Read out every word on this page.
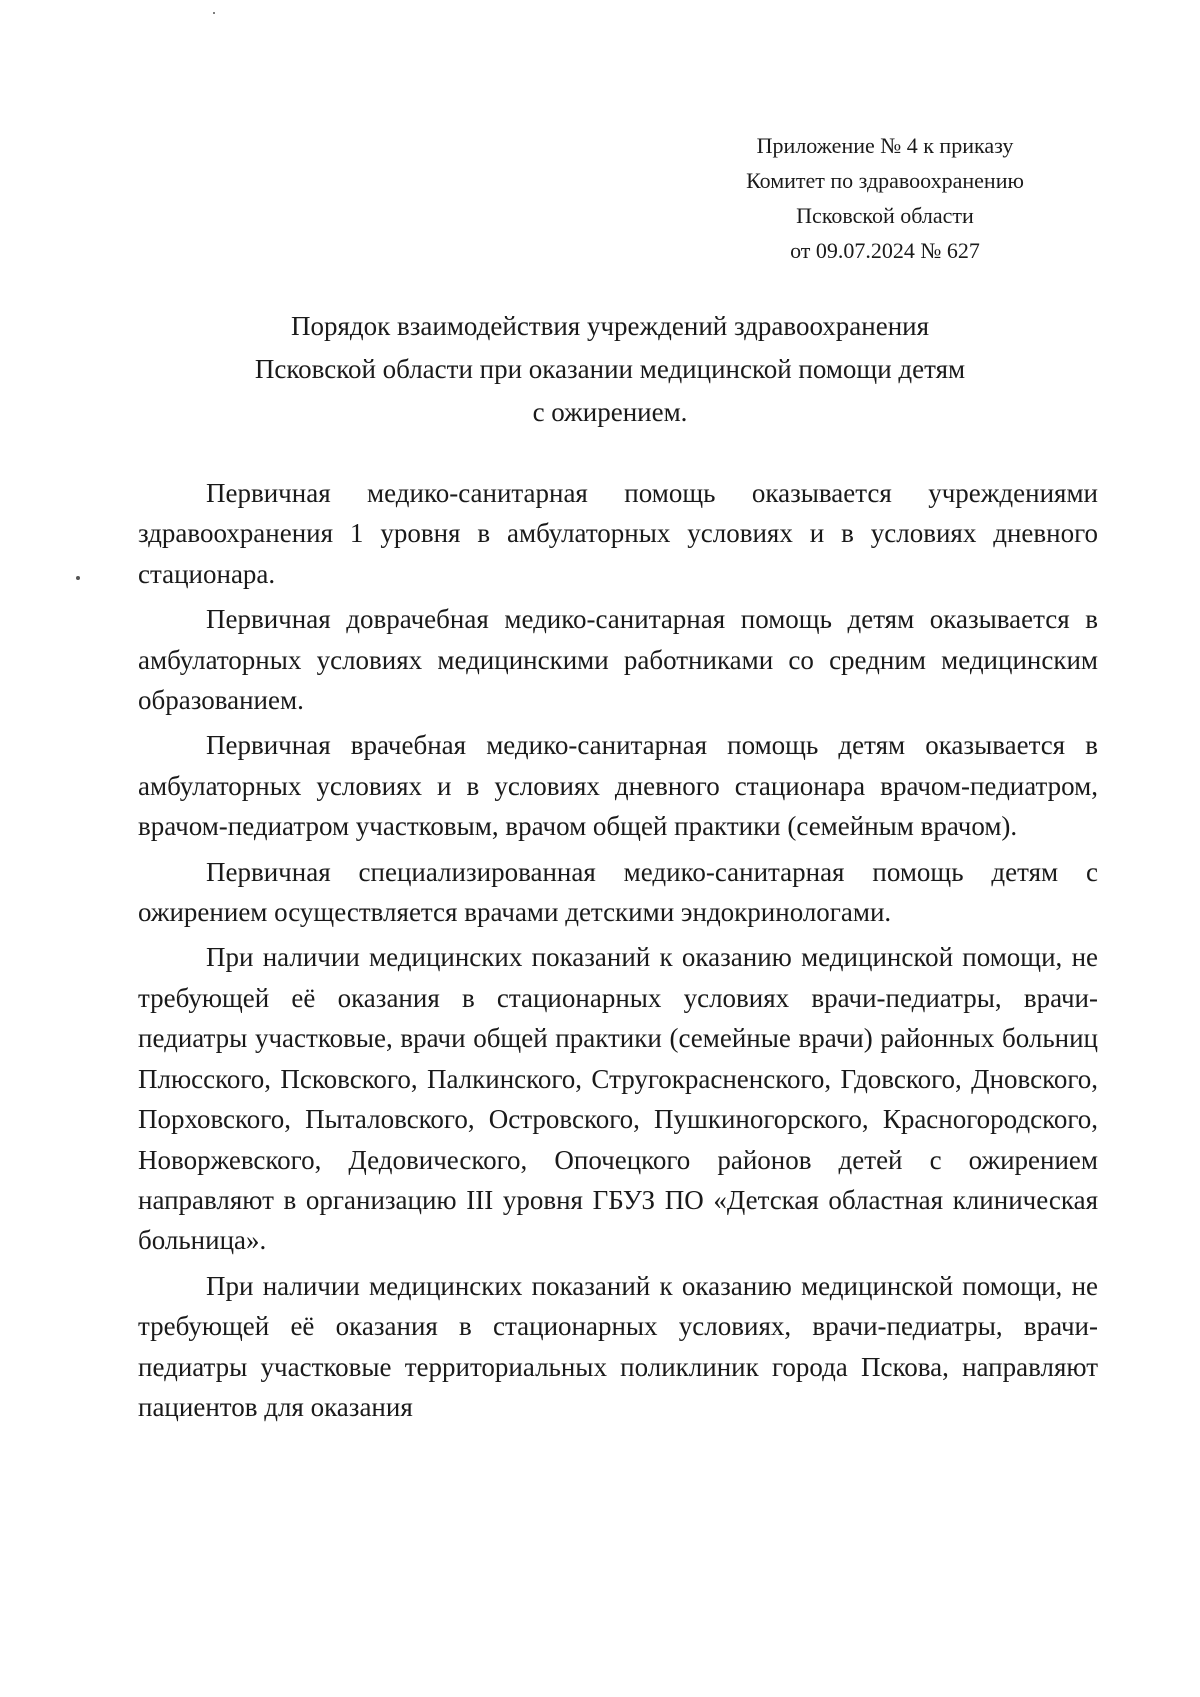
Приложение № 4 к приказу
Комитет по здравоохранению
Псковской области
от 09.07.2024 № 627
Порядок взаимодействия учреждений здравоохранения
Псковской области при оказании медицинской помощи детям
с ожирением.

Первичная медико-санитарная помощь оказывается учреждениями здравоохранения 1 уровня в амбулаторных условиях и в условиях дневного стационара.

Первичная доврачебная медико-санитарная помощь детям оказывается в амбулаторных условиях медицинскими работниками со средним медицинским образованием.

Первичная врачебная медико-санитарная помощь детям оказывается в амбулаторных условиях и в условиях дневного стационара врачом-педиатром, врачом-педиатром участковым, врачом общей практики (семейным врачом).

Первичная специализированная медико-санитарная помощь детям с ожирением осуществляется врачами детскими эндокринологами.

При наличии медицинских показаний к оказанию медицинской помощи, не требующей её оказания в стационарных условиях врачи-педиатры, врачи-педиатры участковые, врачи общей практики (семейные врачи) районных больниц Плюсского, Псковского, Палкинского, Стругокрасненского, Гдовского, Дновского, Порховского, Пыталовского, Островского, Пушкиногорского, Красногородского, Новоржевского, Дедовического, Опочецкого районов детей с ожирением направляют в организацию III уровня ГБУЗ ПО «Детская областная клиническая больница».

При наличии медицинских показаний к оказанию медицинской помощи, не требующей её оказания в стационарных условиях, врачи-педиатры, врачи-педиатры участковые территориальных поликлиник города Пскова, направляют пациентов для оказания
